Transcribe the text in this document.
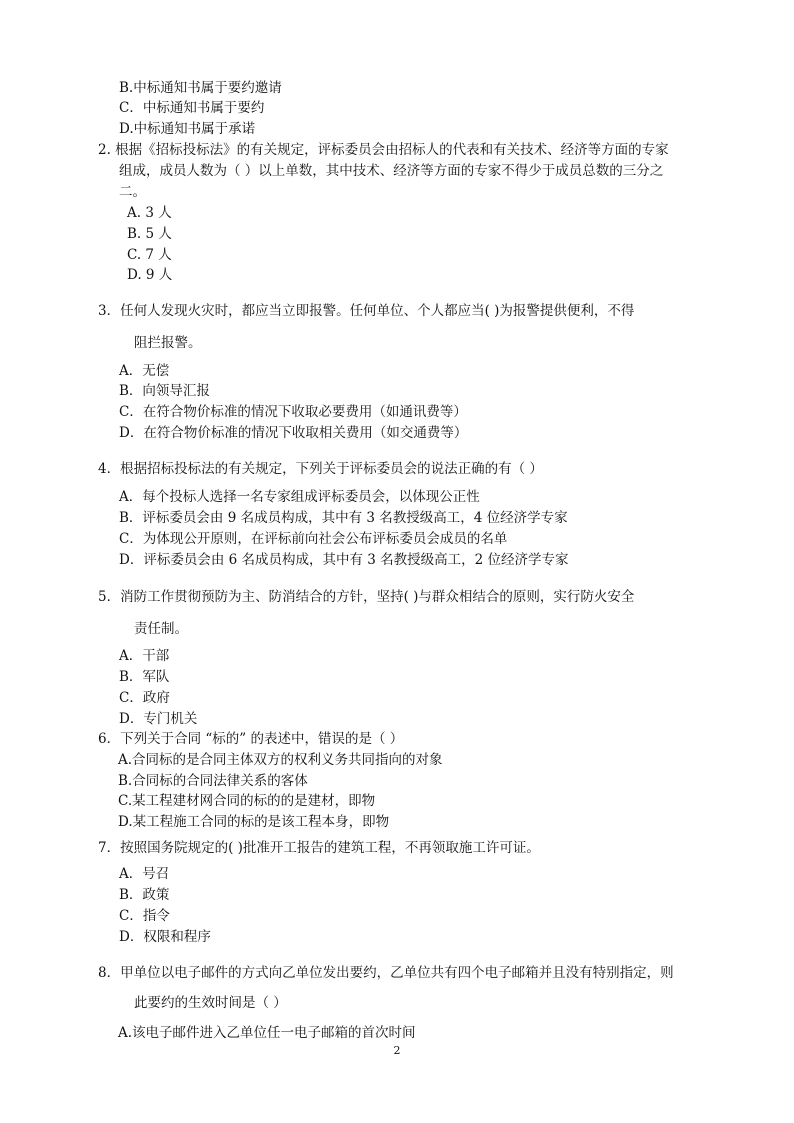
B.中标通知书属于要约邀请
C．中标通知书属于要约
D.中标通知书属于承诺
2. 根据《招标投标法》的有关规定，评标委员会由招标人的代表和有关技术、经济等方面的专家
组成，成员人数为（ ）以上单数，其中技术、经济等方面的专家不得少于成员总数的三分之
二。
A. 3 人
B. 5 人
C. 7 人
D. 9 人
3．任何人发现火灾时，都应当立即报警。任何单位、个人都应当( )为报警提供便利，不得
阻拦报警。
A．无偿
B．向领导汇报
C．在符合物价标准的情况下收取必要费用（如通讯费等）
D．在符合物价标准的情况下收取相关费用（如交通费等）
4．根据招标投标法的有关规定，下列关于评标委员会的说法正确的有（ ）
A．每个投标人选择一名专家组成评标委员会，以体现公正性
B．评标委员会由 9 名成员构成，其中有 3 名教授级高工，4 位经济学专家
C．为体现公开原则，在评标前向社会公布评标委员会成员的名单
D．评标委员会由 6 名成员构成，其中有 3 名教授级高工，2 位经济学专家
5．消防工作贯彻预防为主、防消结合的方针，坚持( )与群众相结合的原则，实行防火安全
责任制。
A．干部
B．军队
C．政府
D．专门机关
6．下列关于合同 “标的” 的表述中，错误的是（ ）
A.合同标的是合同主体双方的权利义务共同指向的对象
B.合同标的合同法律关系的客体
C.某工程建材网合同的标的的是建材，即物
D.某工程施工合同的标的是该工程本身，即物
7．按照国务院规定的( )批准开工报告的建筑工程，不再领取施工许可证。
A．号召
B．政策
C．指令
D．权限和程序
8．甲单位以电子邮件的方式向乙单位发出要约，乙单位共有四个电子邮箱并且没有特别指定，则
此要约的生效时间是（ ）
A.该电子邮件进入乙单位任一电子邮箱的首次时间
2
